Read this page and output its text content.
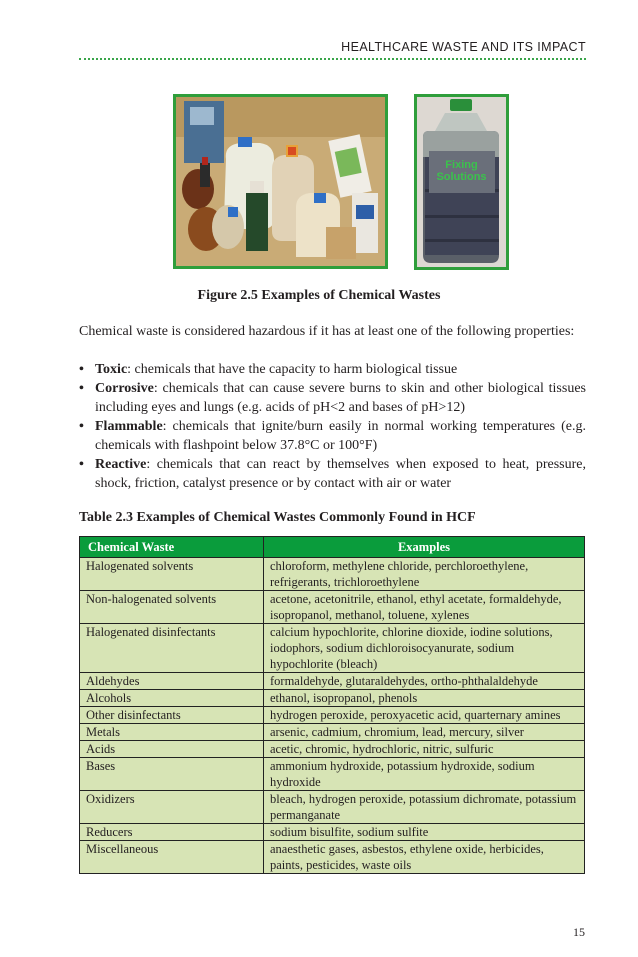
HEALTHCARE WASTE AND ITS IMPACT
Fixing
Solutions
Figure 2.5 Examples of Chemical Wastes
Chemical waste is considered hazardous if it has at least one of the following properties:
• Toxic: chemicals that have the capacity to harm biological tissue
• Corrosive: chemicals that can cause severe burns to skin and other biological tissues including eyes and lungs (e.g. acids of pH<2 and bases of pH>12)
• Flammable: chemicals that ignite/burn easily in normal working temperatures (e.g. chemicals with flashpoint below 37.8°C or 100°F)
• Reactive: chemicals that can react by themselves when exposed to heat, pressure, shock, friction, catalyst presence or by contact with air or water
Table 2.3 Examples of Chemical Wastes Commonly Found in HCF
Chemical Waste	Examples
Halogenated solvents	chloroform, methylene chloride, perchloroethylene, refrigerants, trichloroethylene
Non-halogenated solvents	acetone, acetonitrile, ethanol, ethyl acetate, formaldehyde, isopropanol, methanol, toluene, xylenes
Halogenated disinfectants	calcium hypochlorite, chlorine dioxide, iodine solutions, iodophors, sodium dichloroisocyanurate, sodium hypochlorite (bleach)
Aldehydes	formaldehyde, glutaraldehydes, ortho-phthalaldehyde
Alcohols	ethanol, isopropanol, phenols
Other disinfectants	hydrogen peroxide, peroxyacetic acid, quarternary amines
Metals	arsenic, cadmium, chromium, lead, mercury, silver
Acids	acetic, chromic, hydrochloric, nitric, sulfuric
Bases	ammonium hydroxide, potassium hydroxide, sodium hydroxide
Oxidizers	bleach, hydrogen peroxide, potassium dichromate, potassium permanganate
Reducers	sodium bisulfite, sodium sulfite
Miscellaneous	anaesthetic gases, asbestos, ethylene oxide, herbicides, paints, pesticides, waste oils
15
